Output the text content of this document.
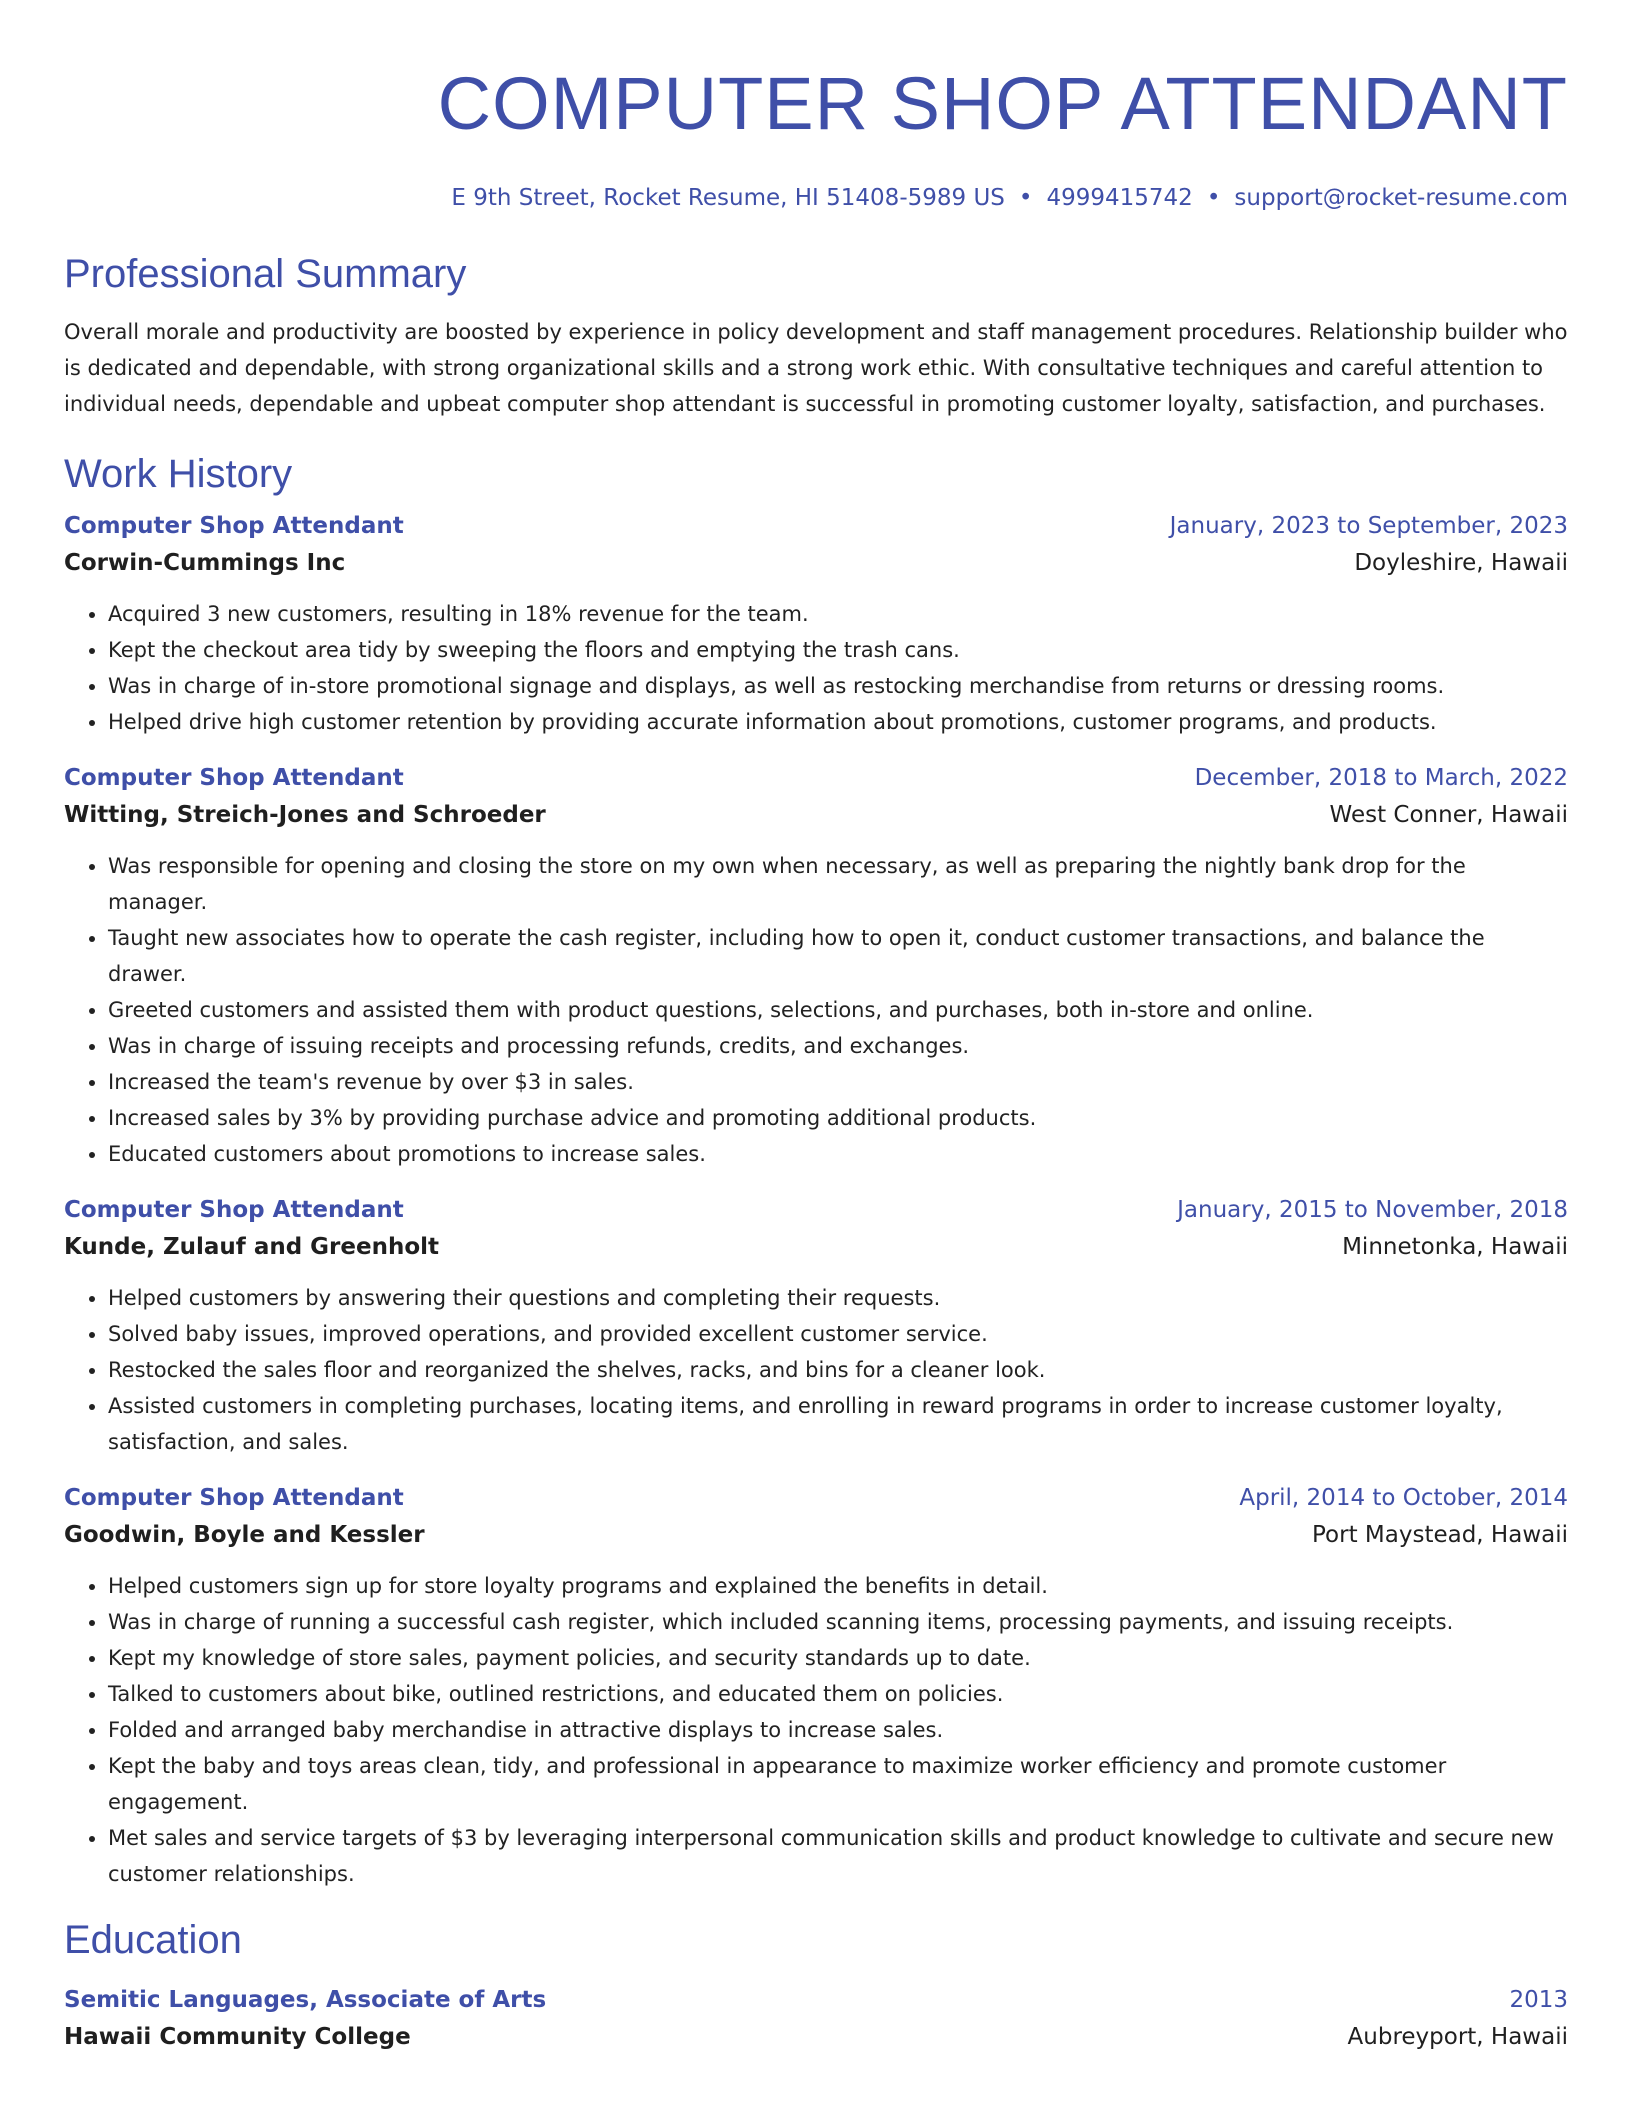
COMPUTER SHOP ATTENDANT
E 9th Street, Rocket Resume, HI 51408-5989 US • 4999415742 • support@rocket-resume.com
Professional Summary

Overall morale and productivity are boosted by experience in policy development and staff management procedures. Relationship builder who is dedicated and dependable, with strong organizational skills and a strong work ethic. With consultative techniques and careful attention to individual needs, dependable and upbeat computer shop attendant is successful in promoting customer loyalty, satisfaction, and purchases.

Work History
Computer Shop Attendant	January, 2023 to September, 2023
Corwin-Cummings Inc	Doyleshire, Hawaii
• Acquired 3 new customers, resulting in 18% revenue for the team.
• Kept the checkout area tidy by sweeping the floors and emptying the trash cans.
• Was in charge of in-store promotional signage and displays, as well as restocking merchandise from returns or dressing rooms.
• Helped drive high customer retention by providing accurate information about promotions, customer programs, and products.
Computer Shop Attendant	December, 2018 to March, 2022
Witting, Streich-Jones and Schroeder	West Conner, Hawaii
• Was responsible for opening and closing the store on my own when necessary, as well as preparing the nightly bank drop for the manager.
• Taught new associates how to operate the cash register, including how to open it, conduct customer transactions, and balance the drawer.
• Greeted customers and assisted them with product questions, selections, and purchases, both in-store and online.
• Was in charge of issuing receipts and processing refunds, credits, and exchanges.
• Increased the team's revenue by over $3 in sales.
• Increased sales by 3% by providing purchase advice and promoting additional products.
• Educated customers about promotions to increase sales.
Computer Shop Attendant	January, 2015 to November, 2018
Kunde, Zulauf and Greenholt	Minnetonka, Hawaii
• Helped customers by answering their questions and completing their requests.
• Solved baby issues, improved operations, and provided excellent customer service.
• Restocked the sales floor and reorganized the shelves, racks, and bins for a cleaner look.
• Assisted customers in completing purchases, locating items, and enrolling in reward programs in order to increase customer loyalty, satisfaction, and sales.
Computer Shop Attendant	April, 2014 to October, 2014
Goodwin, Boyle and Kessler	Port Maystead, Hawaii
• Helped customers sign up for store loyalty programs and explained the benefits in detail.
• Was in charge of running a successful cash register, which included scanning items, processing payments, and issuing receipts.
• Kept my knowledge of store sales, payment policies, and security standards up to date.
• Talked to customers about bike, outlined restrictions, and educated them on policies.
• Folded and arranged baby merchandise in attractive displays to increase sales.
• Kept the baby and toys areas clean, tidy, and professional in appearance to maximize worker efficiency and promote customer engagement.
• Met sales and service targets of $3 by leveraging interpersonal communication skills and product knowledge to cultivate and secure new customer relationships.
Education
Semitic Languages, Associate of Arts	2013
Hawaii Community College	Aubreyport, Hawaii
